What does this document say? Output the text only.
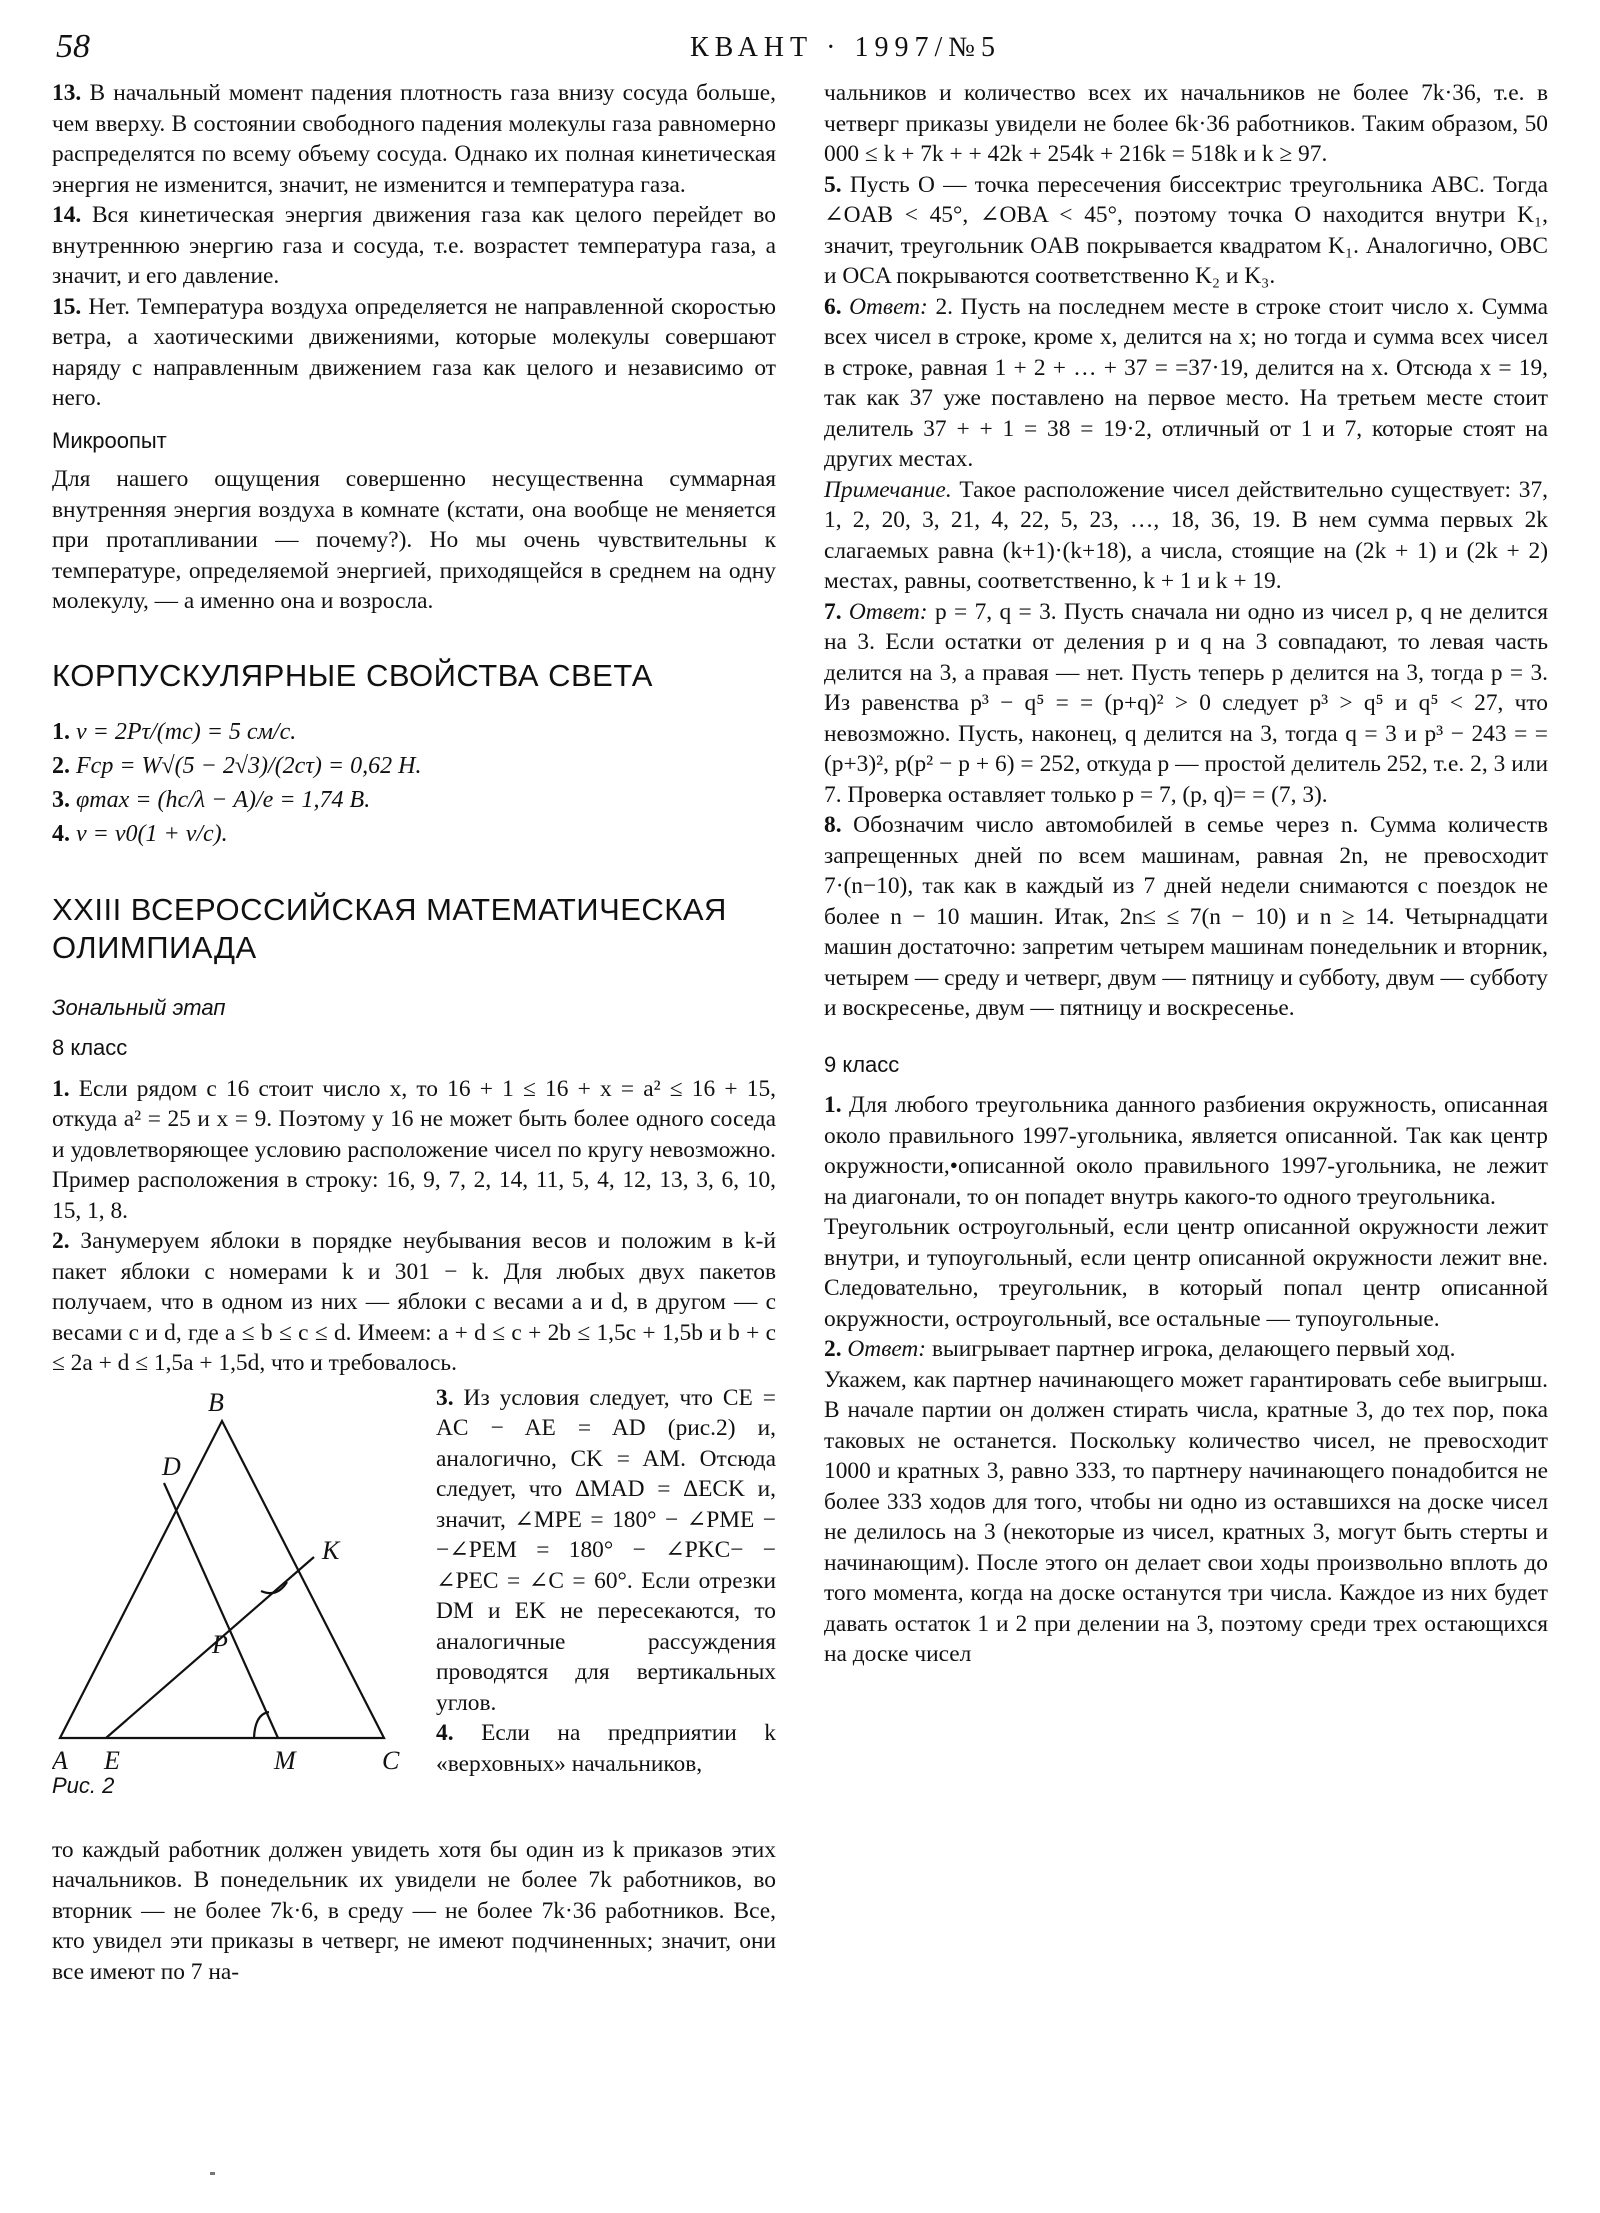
58	КВАНТ · 1997/№5

13. В начальный момент падения плотность газа внизу сосуда больше, чем вверху. В состоянии свободного падения молекулы газа равномерно распределятся по всему объему сосуда. Однако их полная кинетическая энергия не изменится, значит, не изменится и температура газа.

14. Вся кинетическая энергия движения газа как целого перейдет во внутреннюю энергию газа и сосуда, т.е. возрастет температура газа, а значит, и его давление.

15. Нет. Температура воздуха определяется не направленной скоростью ветра, а хаотическими движениями, которые молекулы совершают наряду с направленным движением газа как целого и независимо от него.

Микроопыт

Для нашего ощущения совершенно несущественна суммарная внутренняя энергия воздуха в комнате (кстати, она вообще не меняется при протапливании — почему?). Но мы очень чувствительны к температуре, определяемой энергией, приходящейся в среднем на одну молекулу, — а именно она и возросла.

КОРПУСКУЛЯРНЫЕ СВОЙСТВА СВЕТА

1. v = 2Pτ/(mc) = 5 см/с.

2. Fср = W√(5 − 2√3)/(2cτ) = 0,62 Н.

3. φmax = (hc/λ − A)/e = 1,74 В.

4. ν = ν0(1 + v/c).

XXIII ВСЕРОССИЙСКАЯ МАТЕМАТИЧЕСКАЯ
ОЛИМПИАДА
Зональный этап
8 класс

1. Если рядом с 16 стоит число x, то 16 + 1 ≤ 16 + x = a² ≤ 16 + 15, откуда a² = 25 и x = 9. Поэтому у 16 не может быть более одного соседа и удовлетворяющее условию расположение чисел по кругу невозможно. Пример расположения в строку: 16, 9, 7, 2, 14, 11, 5, 4, 12, 13, 3, 6, 10, 15, 1, 8.

2. Занумеруем яблоки в порядке неубывания весов и положим в k-й пакет яблоки с номерами k и 301 − k. Для любых двух пакетов получаем, что в одном из них — яблоки с весами a и d, в другом — с весами c и d, где a ≤ b ≤ c ≤ d. Имеем: a + d ≤ c + 2b ≤ 1,5c + 1,5b и b + c ≤ 2a + d ≤ 1,5a + 1,5d, что и требовалось.

B
D
K
P
A E	M	C
Рис. 2

3. Из условия следует, что CE = AC − AE = AD (рис.2) и, аналогично, CK = AM. Отсюда следует, что ΔMAD = ΔECK и, значит, ∠MPE = 180° − ∠PME − −∠PEM = 180° − ∠PKC− − ∠PEC = ∠C = 60°. Если отрезки DM и EK не пересекаются, то аналогичные рассуждения проводятся для вертикальных углов.

4. Если на предприятии k «верховных» начальников,

то каждый работник должен увидеть хотя бы один из k приказов этих начальников. В понедельник их увидели не более 7k работников, во вторник — не более 7k·6, в среду — не более 7k·36 работников. Все, кто увидел эти приказы в четверг, не имеют подчиненных; значит, они все имеют по 7 на-

чальников и количество всех их начальников не более 7k·36, т.е. в четверг приказы увидели не более 6k·36 работников. Таким образом, 50 000 ≤ k + 7k + + 42k + 254k + 216k = 518k и k ≥ 97.

5. Пусть O — точка пересечения биссектрис треугольника ABC. Тогда ∠OAB < 45°, ∠OBA < 45°, поэтому точка O находится внутри K₁, значит, треугольник OAB покрывается квадратом K₁. Аналогично, OBC и OCA покрываются соответственно K₂ и K₃.

6. Ответ: 2. Пусть на последнем месте в строке стоит число x. Сумма всех чисел в строке, кроме x, делится на x; но тогда и сумма всех чисел в строке, равная 1 + 2 + … + 37 = =37·19, делится на x. Отсюда x = 19, так как 37 уже поставлено на первое место. На третьем месте стоит делитель 37 + + 1 = 38 = 19·2, отличный от 1 и 7, которые стоят на других местах.

Примечание. Такое расположение чисел действительно существует: 37, 1, 2, 20, 3, 21, 4, 22, 5, 23, …, 18, 36, 19. В нем сумма первых 2k слагаемых равна (k+1)·(k+18), а числа, стоящие на (2k + 1) и (2k + 2) местах, равны, соответственно, k + 1 и k + 19.

7. Ответ: p = 7, q = 3. Пусть сначала ни одно из чисел p, q не делится на 3. Если остатки от деления p и q на 3 совпадают, то левая часть делится на 3, а правая — нет. Пусть теперь p делится на 3, тогда p = 3. Из равенства p³ − q⁵ = = (p+q)² > 0 следует p³ > q⁵ и q⁵ < 27, что невозможно. Пусть, наконец, q делится на 3, тогда q = 3 и p³ − 243 = =(p+3)², p(p² − p + 6) = 252, откуда p — простой делитель 252, т.е. 2, 3 или 7. Проверка оставляет только p = 7, (p, q)= = (7, 3).

8. Обозначим число автомобилей в семье через n. Сумма количеств запрещенных дней по всем машинам, равная 2n, не превосходит 7·(n−10), так как в каждый из 7 дней недели снимаются с поездок не более n − 10 машин. Итак, 2n≤ ≤ 7(n − 10) и n ≥ 14. Четырнадцати машин достаточно: запретим четырем машинам понедельник и вторник, четырем — среду и четверг, двум — пятницу и субботу, двум — субботу и воскресенье, двум — пятницу и воскресенье.

9 класс

1. Для любого треугольника данного разбиения окружность, описанная около правильного 1997-угольника, является описанной. Так как центр окружности,•описанной около правильного 1997-угольника, не лежит на диагонали, то он попадет внутрь какого-то одного треугольника.

Треугольник остроугольный, если центр описанной окружности лежит внутри, и тупоугольный, если центр описанной окружности лежит вне. Следовательно, треугольник, в который попал центр описанной окружности, остроугольный, все остальные — тупоугольные.

2. Ответ: выигрывает партнер игрока, делающего первый ход.

Укажем, как партнер начинающего может гарантировать себе выигрыш. В начале партии он должен стирать числа, кратные 3, до тех пор, пока таковых не останется. Поскольку количество чисел, не превосходит 1000 и кратных 3, равно 333, то партнеру начинающего понадобится не более 333 ходов для того, чтобы ни одно из оставшихся на доске чисел не делилось на 3 (некоторые из чисел, кратных 3, могут быть стерты и начинающим). После этого он делает свои ходы произвольно вплоть до того момента, когда на доске останутся три числа. Каждое из них будет давать остаток 1 и 2 при делении на 3, поэтому среди трех остающихся на доске чисел
